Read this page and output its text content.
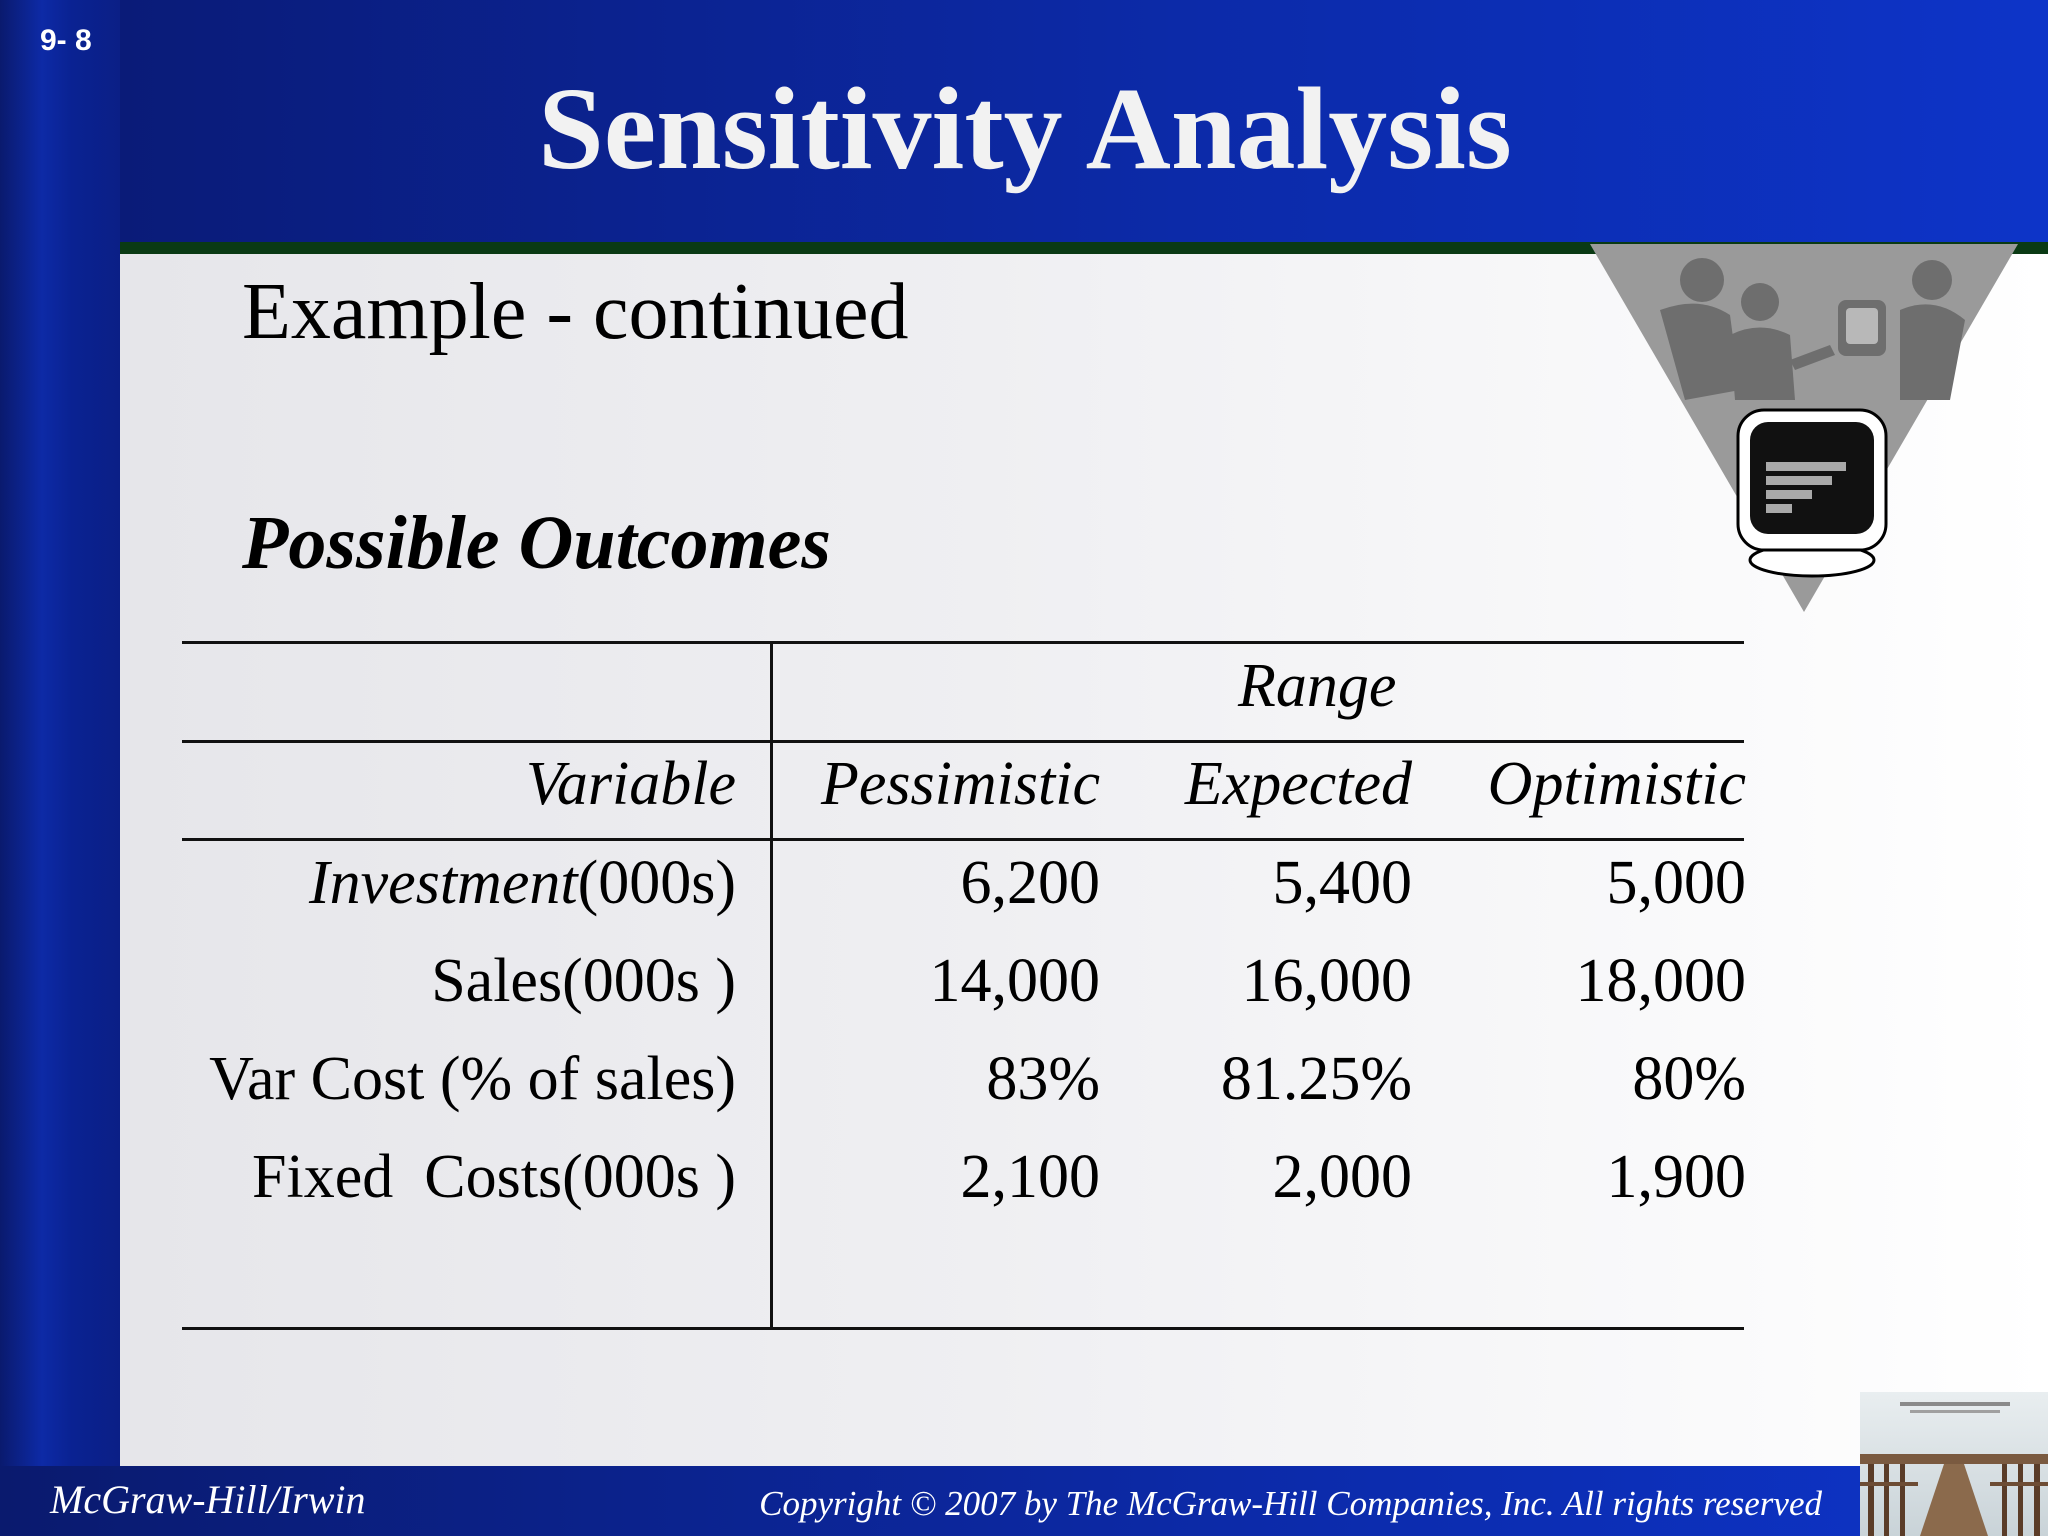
9- 8
Sensitivity Analysis
Example - continued
Possible Outcomes
Range
Variable	Pessimistic	Expected	Optimistic
Investment(000s)	6,200	5,400	5,000
Sales(000s )	14,000	16,000	18,000
Var Cost (% of sales)	83%	81.25%	80%
Fixed  Costs(000s )	2,100	2,000	1,900
McGraw-Hill/Irwin	Copyright © 2007 by The McGraw-Hill Companies, Inc. All rights reserved
